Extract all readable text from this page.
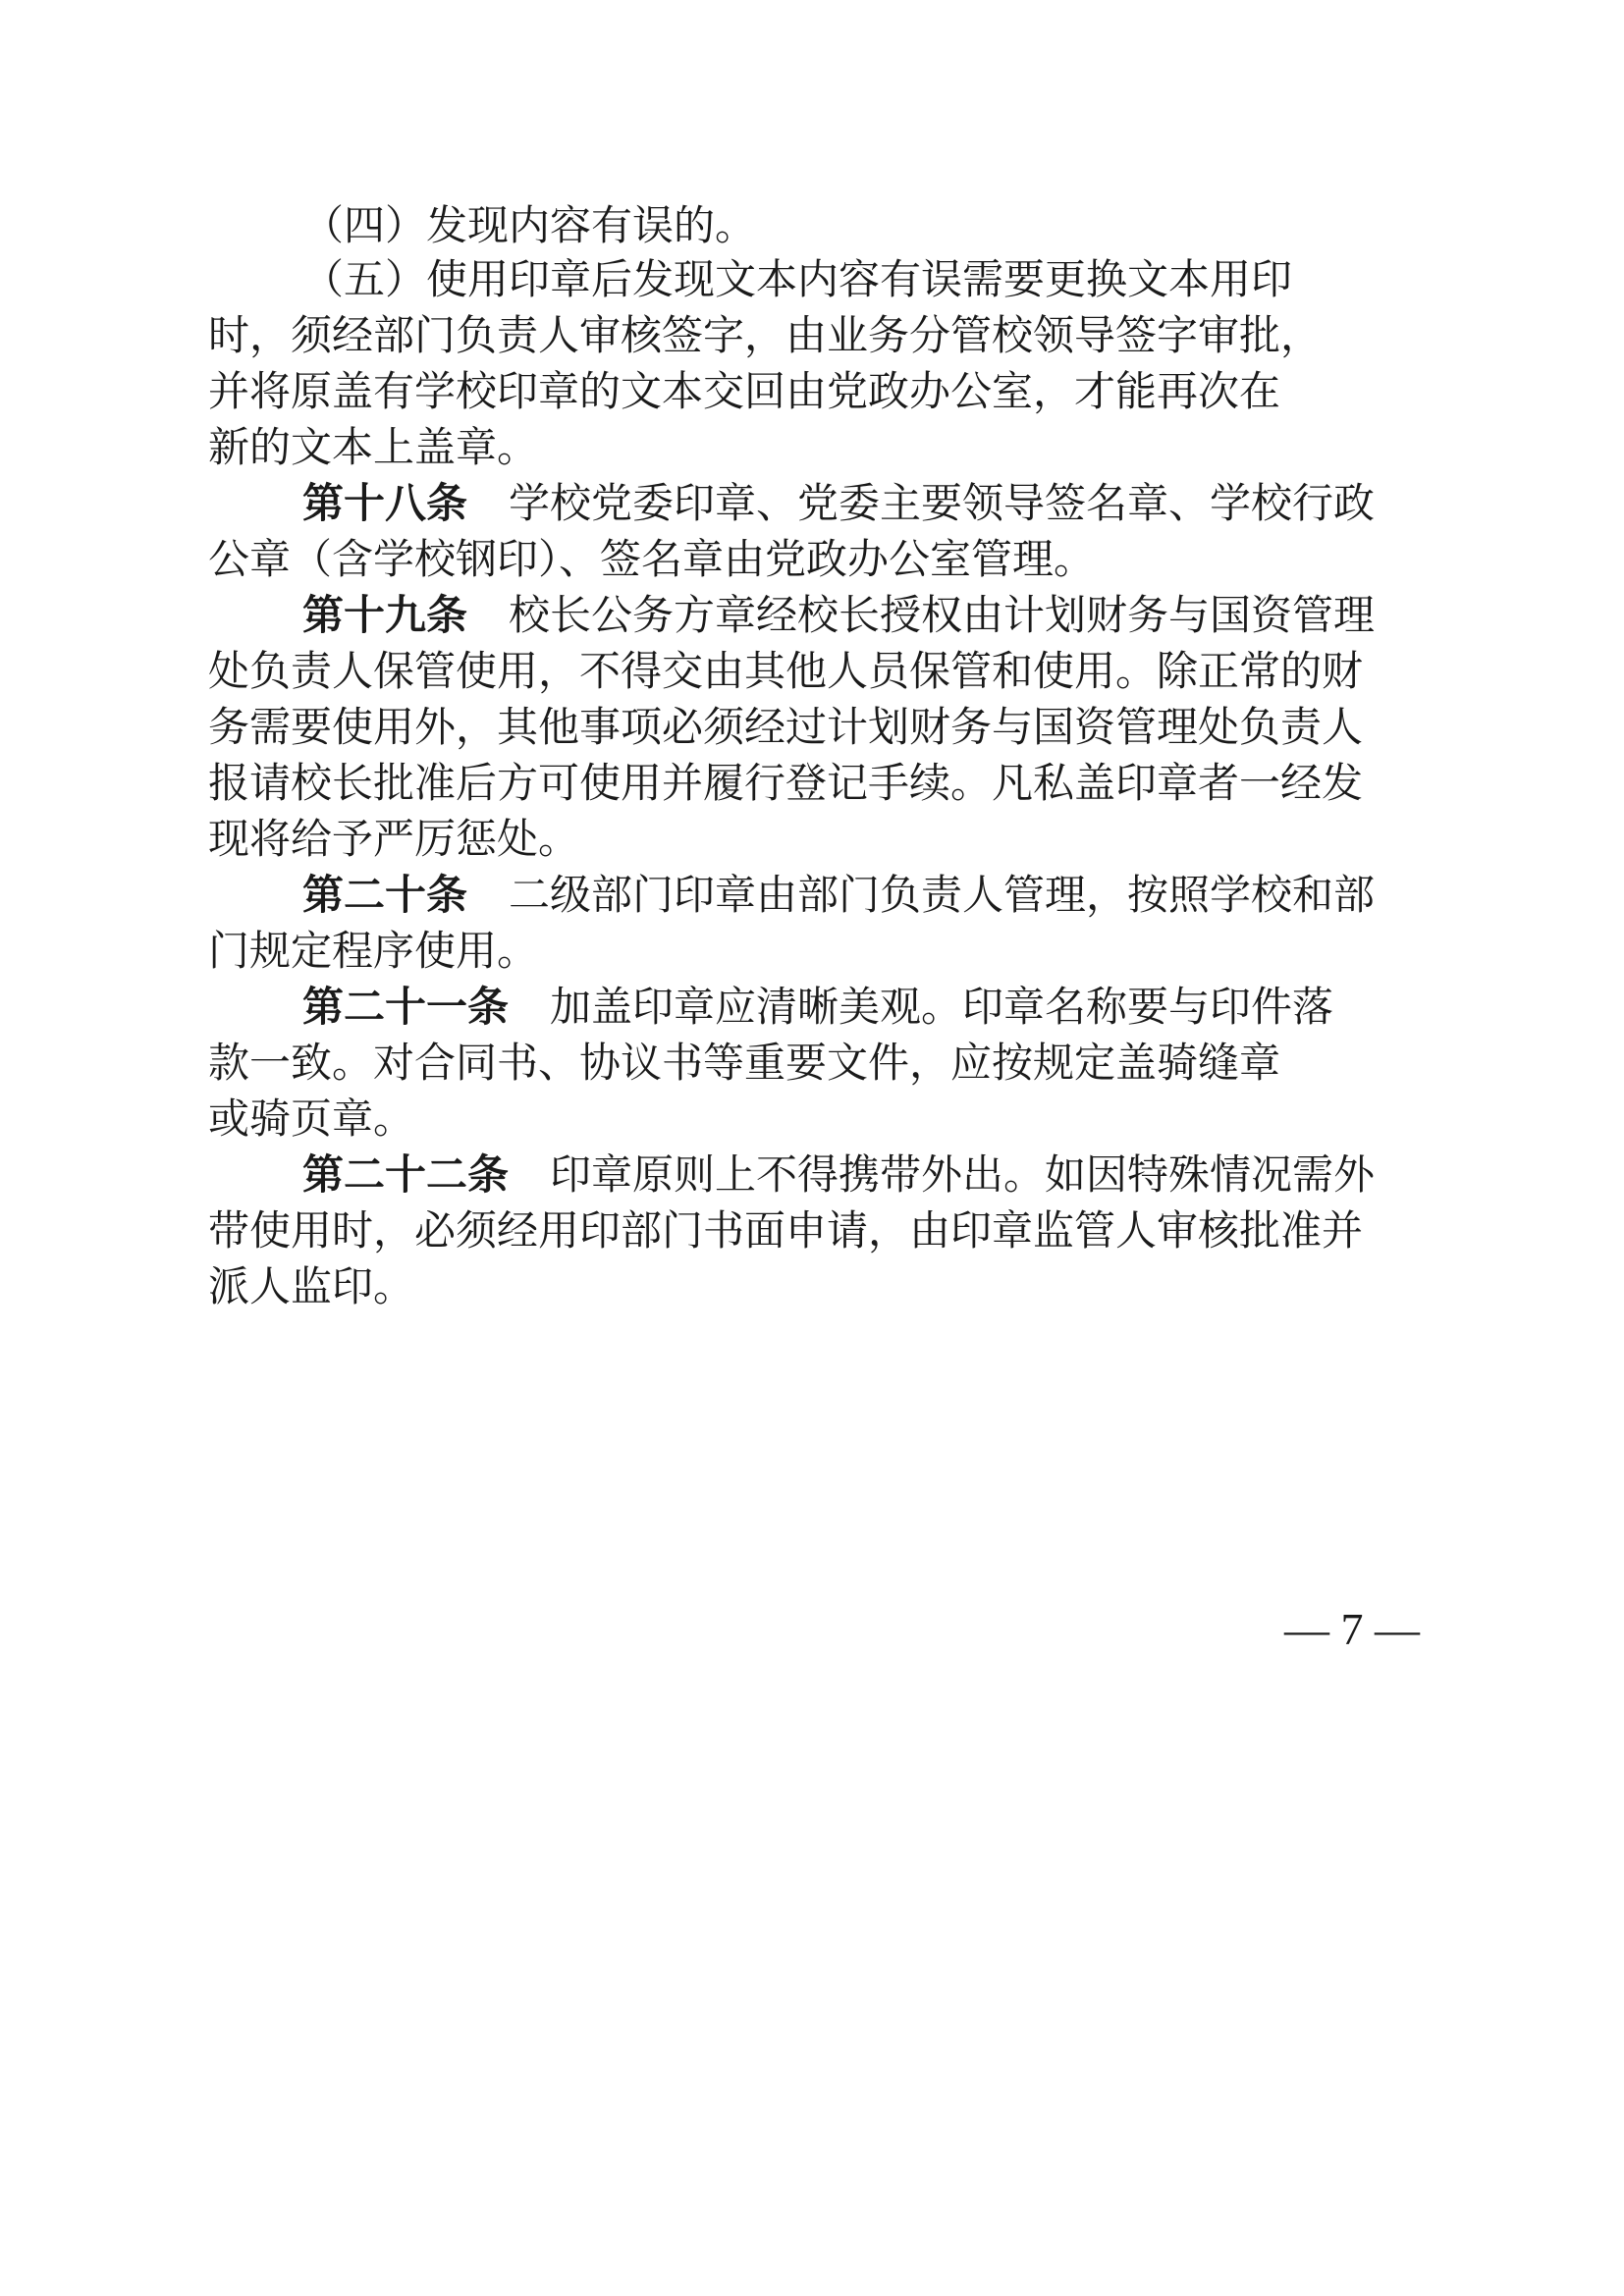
（四）发现内容有误的。
（五）使用印章后发现文本内容有误需要更换文本用印
时，须经部门负责人审核签字，由业务分管校领导签字审批，
并将原盖有学校印章的文本交回由党政办公室，才能再次在
新的文本上盖章。
第十八条  学校党委印章、党委主要领导签名章、学校行政
公章（含学校钢印）、签名章由党政办公室管理。
第十九条  校长公务方章经校长授权由计划财务与国资管理
处负责人保管使用，不得交由其他人员保管和使用。除正常的财
务需要使用外，其他事项必须经过计划财务与国资管理处负责人
报请校长批准后方可使用并履行登记手续。凡私盖印章者一经发
现将给予严厉惩处。
第二十条  二级部门印章由部门负责人管理，按照学校和部
门规定程序使用。
第二十一条  加盖印章应清晰美观。印章名称要与印件落
款一致。对合同书、协议书等重要文件，应按规定盖骑缝章
或骑页章。
第二十二条  印章原则上不得携带外出。如因特殊情况需外
带使用时，必须经用印部门书面申请，由印章监管人审核批准并
派人监印。
— 7 —
